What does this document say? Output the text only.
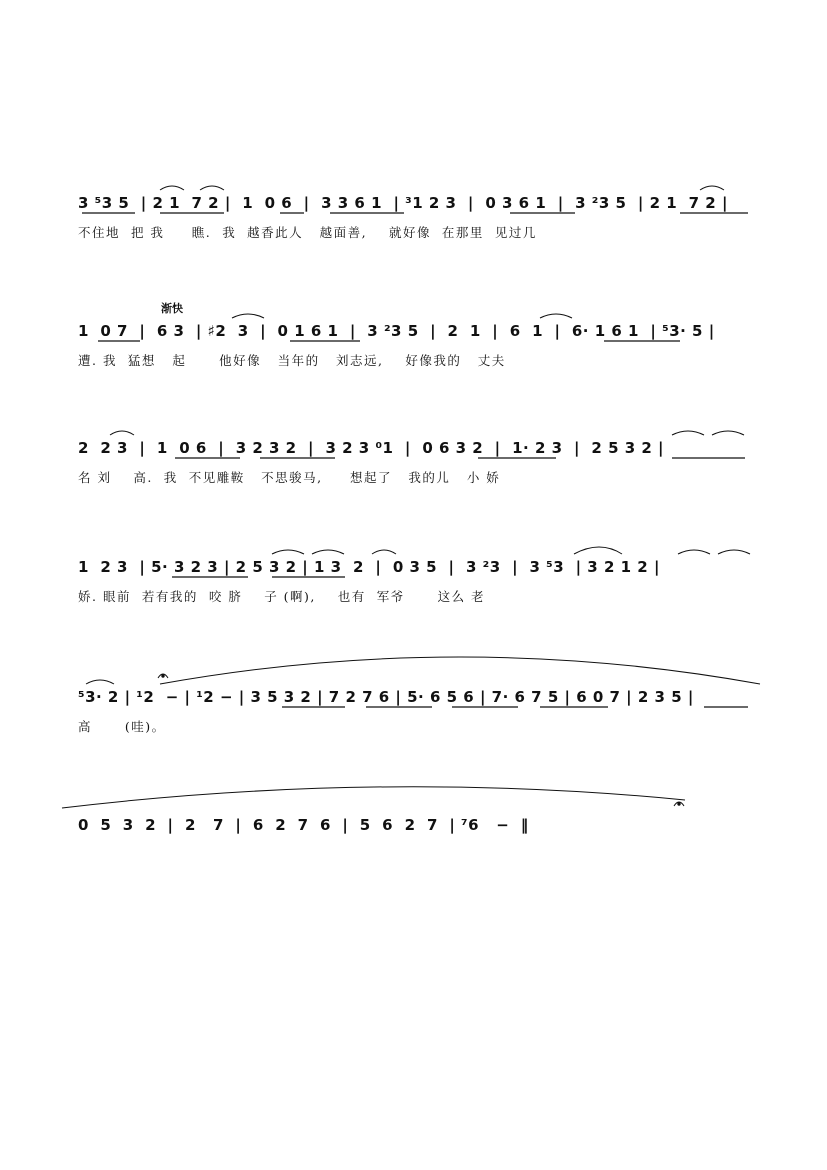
渐快
3 ⁵3 5  | 2 1  7 2 |  1  0 6  |  3 3 6 1  | ³1 2 3  |  0 3 6 1  |  3 ²3 5  | 2 1  7 2 |
不住地  把 我     瞧.  我  越香此人   越面善,    就好像  在那里  见过几
1  0 7  |  6 3  | ♯2  3  |  0 1 6 1  |  3 ²3 5  |  2  1  |  6  1  |  6· 1 6 1  | ⁵3· 5 |
遭. 我  猛想   起      他好像   当年的   刘志远,    好像我的   丈夫
2  2 3  |  1  0 6  |  3 2 3 2  |  3 2 3 ⁰1  |  0 6 3 2  |  1· 2 3  |  2 5 3 2 |
名 刘    高.  我  不见雕鞍   不思骏马,     想起了   我的儿   小 娇
1  2 3  | 5· 3 2 3 | 2 5 3 2 | 1 3  2  |  0 3 5  |  3 ²3  |  3 ⁵3  | 3 2 1 2 |
娇. 眼前  若有我的  咬 脐    子 (啊),    也有  军爷      这么 老
⁵3· 2 | ¹2  − | ¹2 − | 3 5 3 2 | 7 2 7 6 | 5· 6 5 6 | 7· 6 7 5 | 6 0 7 | 2 3 5 |
高      (哇)。
0  5  3  2  |  2   7  |  6  2  7  6  |  5  6  2  7  | ⁷6   −  ‖
